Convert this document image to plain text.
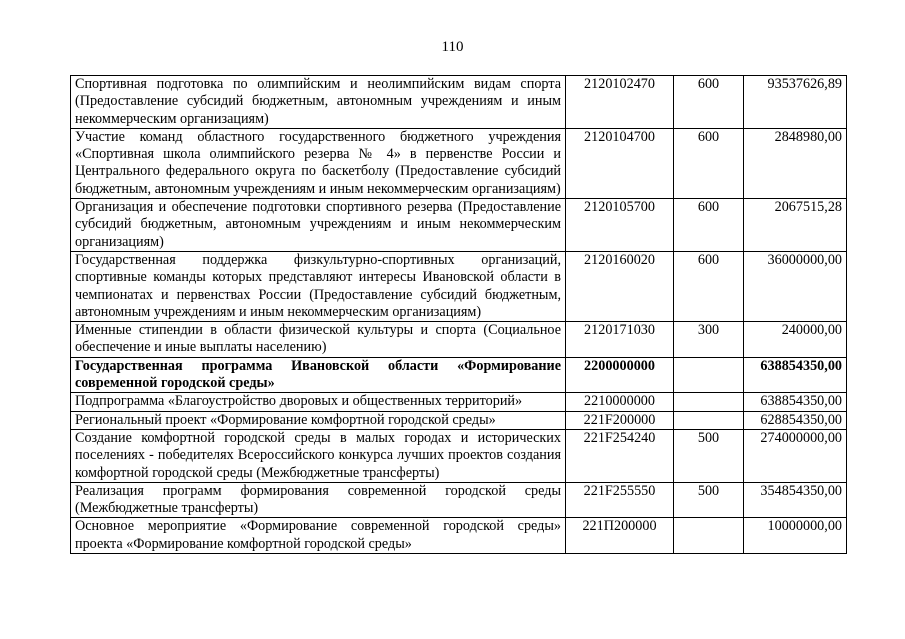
110
Спортивная подготовка по олимпийским и неолимпийским видам спорта (Предоставление субсидий бюджетным, автономным учреждениям и иным некоммерческим организациям)	2120102470	600	93537626,89
Участие команд областного государственного бюджетного учреждения «Спортивная школа олимпийского резерва № 4» в первенстве России и Центрального федерального округа по баскетболу (Предоставление субсидий бюджетным, автономным учреждениям и иным некоммерческим организациям)	2120104700	600	2848980,00
Организация и обеспечение подготовки спортивного резерва (Предоставление субсидий бюджетным, автономным учреждениям и иным некоммерческим организациям)	2120105700	600	2067515,28
Государственная поддержка физкультурно-спортивных организаций, спортивные команды которых представляют интересы Ивановской области в чемпионатах и первенствах России (Предоставление субсидий бюджетным, автономным учреждениям и иным некоммерческим организациям)	2120160020	600	36000000,00
Именные стипендии в области физической культуры и спорта (Социальное обеспечение и иные выплаты населению)	2120171030	300	240000,00
Государственная программа Ивановской области «Формирование современной городской среды»	2200000000		638854350,00
Подпрограмма «Благоустройство дворовых и общественных территорий»	2210000000		638854350,00
Региональный проект «Формирование комфортной городской среды»	221F200000		628854350,00
Создание комфортной городской среды в малых городах и исторических поселениях - победителях Всероссийского конкурса лучших проектов создания комфортной городской среды (Межбюджетные трансферты)	221F254240	500	274000000,00
Реализация программ формирования современной городской среды (Межбюджетные трансферты)	221F255550	500	354854350,00
Основное мероприятие «Формирование современной городской среды» проекта «Формирование комфортной городской среды»	221П200000		10000000,00
